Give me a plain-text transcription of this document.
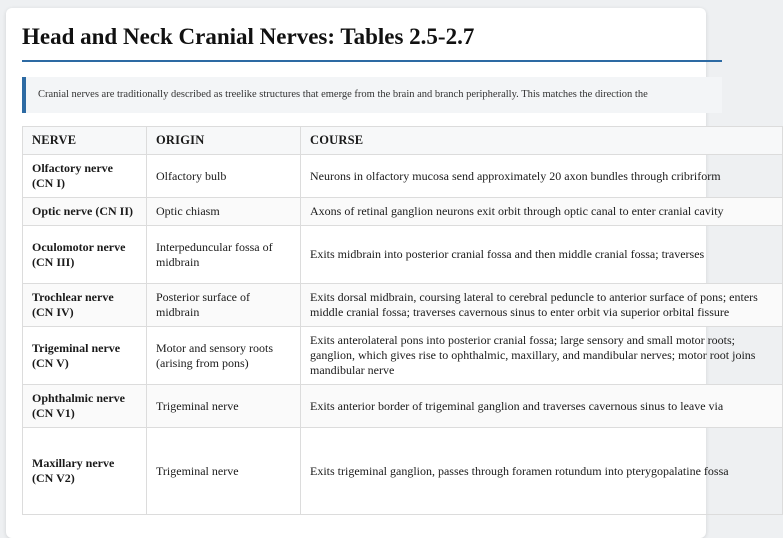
Head and Neck Cranial Nerves: Tables 2.5-2.7
Cranial nerves are traditionally described as treelike structures that emerge from the brain and branch peripherally. This matches the direction the
NERVE	ORIGIN	COURSE
Olfactory nerve (CN I)	Olfactory bulb	Neurons in olfactory mucosa send approximately 20 axon bundles through cribriform
Optic nerve (CN II)	Optic chiasm	Axons of retinal ganglion neurons exit orbit through optic canal to enter cranial cavity
Oculomotor nerve (CN III)	Interpeduncular fossa of midbrain	Exits midbrain into posterior cranial fossa and then middle cranial fossa; traverses
Trochlear nerve (CN IV)	Posterior surface of midbrain	Exits dorsal midbrain, coursing lateral to cerebral peduncle to anterior surface of pons; enters middle cranial fossa; traverses cavernous sinus to enter orbit via superior orbital fissure
Trigeminal nerve (CN V)	Motor and sensory roots (arising from pons)	Exits anterolateral pons into posterior cranial fossa; large sensory and small motor roots; ganglion, which gives rise to ophthalmic, maxillary, and mandibular nerves; motor root joins mandibular nerve
Ophthalmic nerve (CN V1)	Trigeminal nerve	Exits anterior border of trigeminal ganglion and traverses cavernous sinus to leave via
Maxillary nerve (CN V2)	Trigeminal nerve	Exits trigeminal ganglion, passes through foramen rotundum into pterygopalatine fossa
